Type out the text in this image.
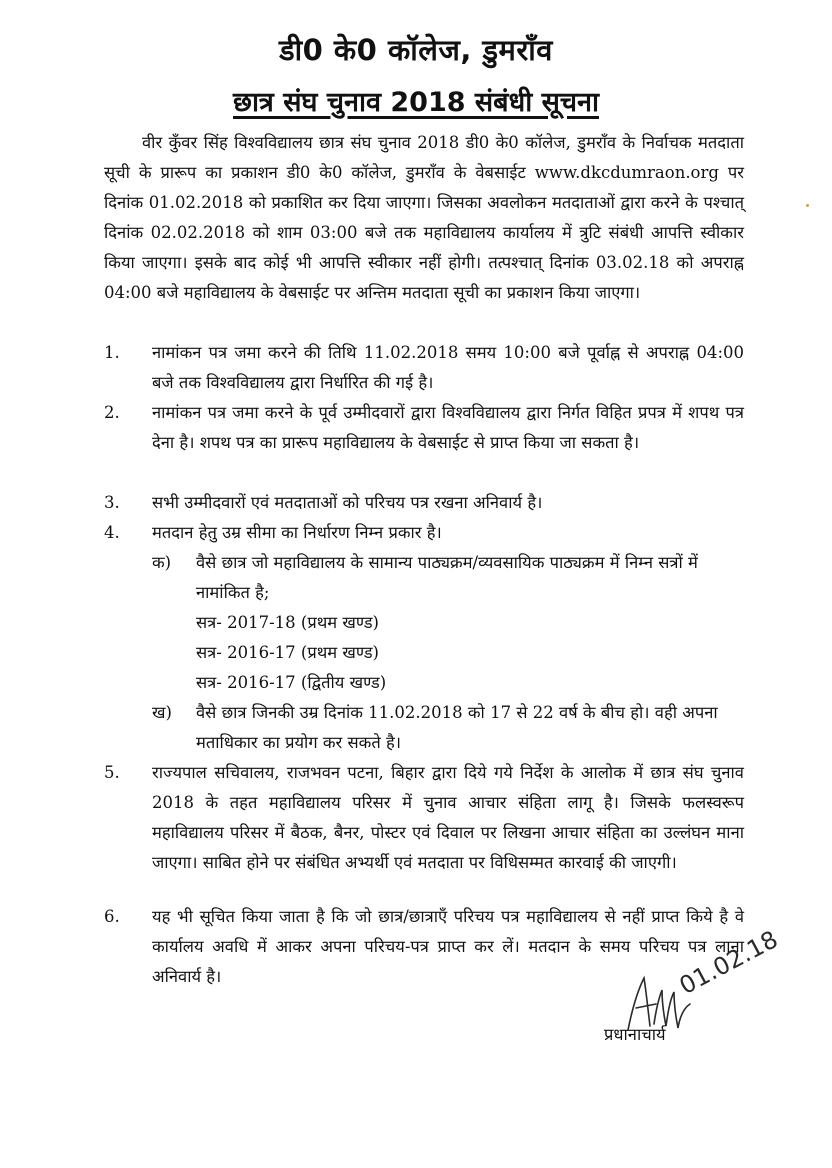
डी0 के0 कॉलेज, डुमराँव
छात्र संघ चुनाव 2018 संबंधी सूचना
वीर कुँवर सिंह विश्वविद्यालय छात्र संघ चुनाव 2018 डी0 के0 कॉलेज, डुमराँव के निर्वाचक मतदाता सूची के प्रारूप का प्रकाशन डी0 के0 कॉलेज, डुमराँव के वेबसाईट www.dkcdumraon.org पर दिनांक 01.02.2018 को प्रकाशित कर दिया जाएगा। जिसका अवलोकन मतदाताओं द्वारा करने के पश्चात् दिनांक 02.02.2018 को शाम 03:00 बजे तक महाविद्यालय कार्यालय में त्रुटि संबंधी आपत्ति स्वीकार किया जाएगा। इसके बाद कोई भी आपत्ति स्वीकार नहीं होगी। तत्पश्चात् दिनांक 03.02.18 को अपराह्न 04:00 बजे महाविद्यालय के वेबसाईट पर अन्तिम मतदाता सूची का प्रकाशन किया जाएगा।
1.	नामांकन पत्र जमा करने की तिथि 11.02.2018 समय 10:00 बजे पूर्वाह्न से अपराह्न 04:00 बजे तक विश्वविद्यालय द्वारा निर्धारित की गई है।
2.	नामांकन पत्र जमा करने के पूर्व उम्मीदवारों द्वारा विश्वविद्यालय द्वारा निर्गत विहित प्रपत्र में शपथ पत्र देना है। शपथ पत्र का प्रारूप महाविद्यालय के वेबसाईट से प्राप्त किया जा सकता है।
3.	सभी उम्मीदवारों एवं मतदाताओं को परिचय पत्र रखना अनिवार्य है।
4.	मतदान हेतु उम्र सीमा का निर्धारण निम्न प्रकार है।
क) वैसे छात्र जो महाविद्यालय के सामान्य पाठ्यक्रम/व्यवसायिक पाठ्यक्रम में निम्न सत्रों में नामांकित है;
सत्र- 2017-18 (प्रथम खण्ड)
सत्र- 2016-17 (प्रथम खण्ड)
सत्र- 2016-17 (द्वितीय खण्ड)
ख) वैसे छात्र जिनकी उम्र दिनांक 11.02.2018 को 17 से 22 वर्ष के बीच हो। वही अपना मताधिकार का प्रयोग कर सकते है।
5.	राज्यपाल सचिवालय, राजभवन पटना, बिहार द्वारा दिये गये निर्देश के आलोक में छात्र संघ चुनाव 2018 के तहत महाविद्यालय परिसर में चुनाव आचार संहिता लागू है। जिसके फलस्वरूप महाविद्यालय परिसर में बैठक, बैनर, पोस्टर एवं दिवाल पर लिखना आचार संहिता का उल्लंघन माना जाएगा। साबित होने पर संबंधित अभ्यर्थी एवं मतदाता पर विधिसम्मत कारवाई की जाएगी।
6.	यह भी सूचित किया जाता है कि जो छात्र/छात्राएँ परिचय पत्र महाविद्यालय से नहीं प्राप्त किये है वे कार्यालय अवधि में आकर अपना परिचय-पत्र प्राप्त कर लें। मतदान के समय परिचय पत्र लाना अनिवार्य है।	01.02.18
प्रधानाचार्य
